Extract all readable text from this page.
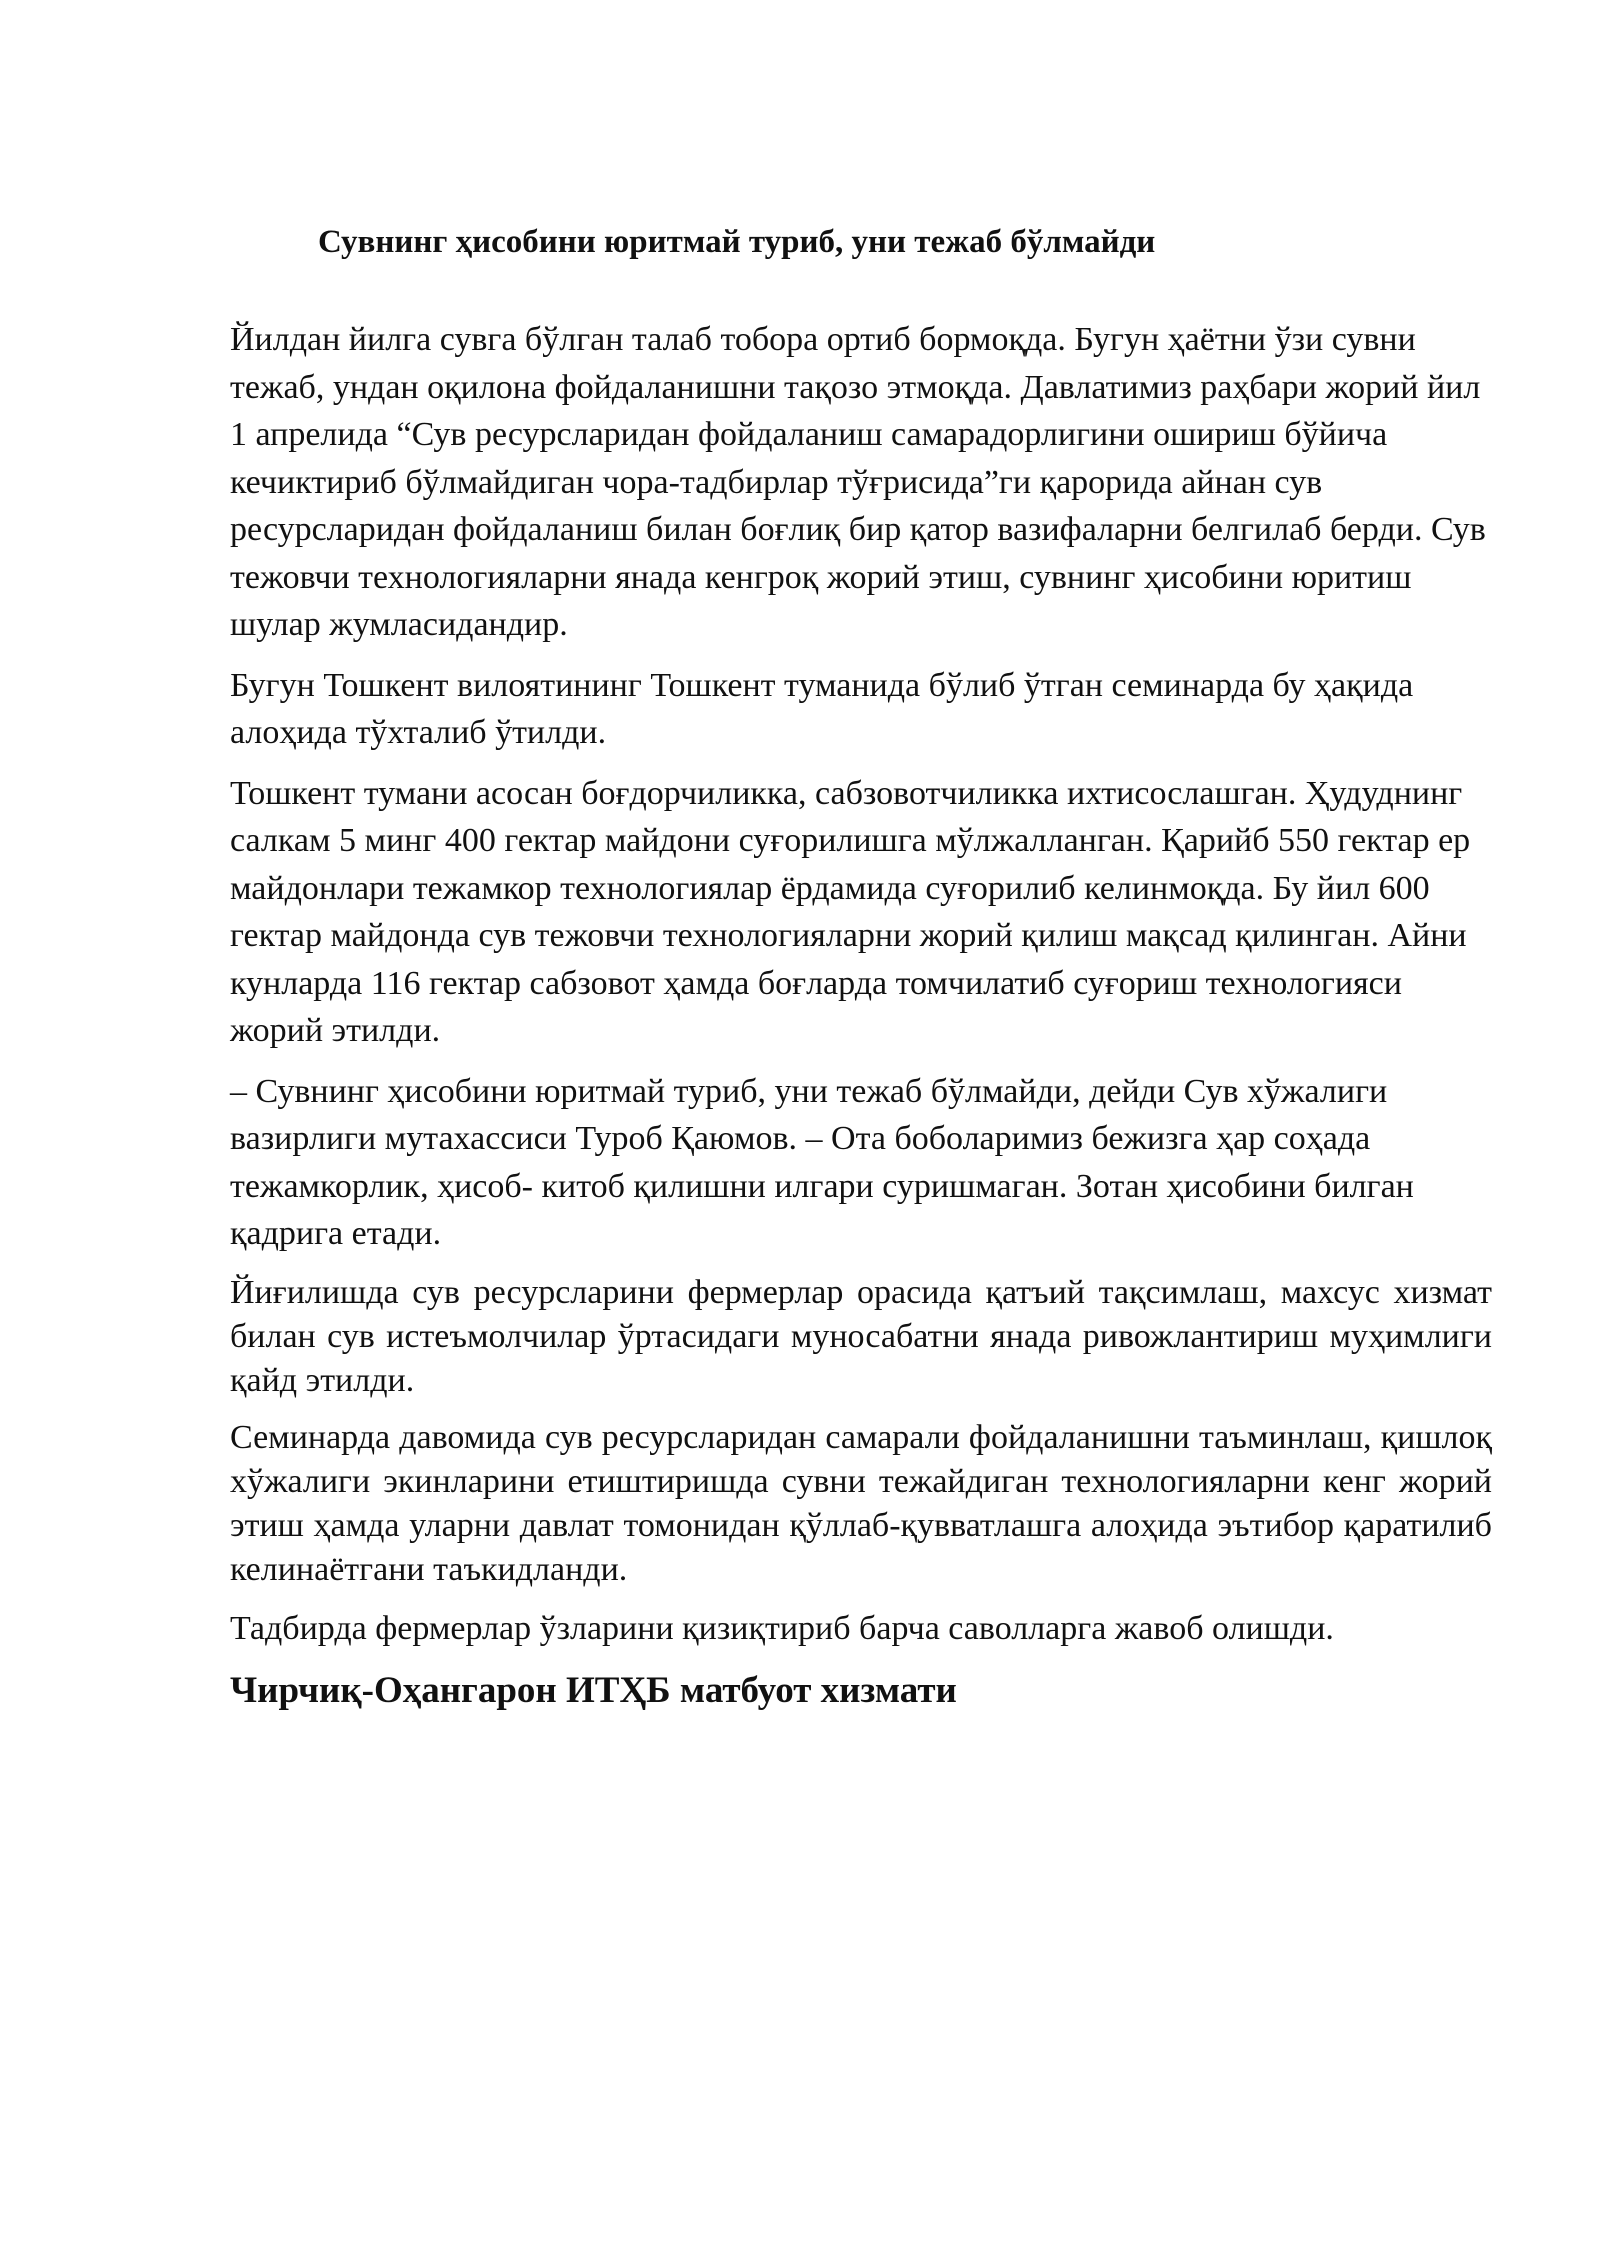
Сувнинг ҳисобини юритмай туриб, уни тежаб бўлмайди

Йилдан йилга сувга бўлган талаб тобора ортиб бормоқда. Бугун ҳаётни ўзи сувни тежаб, ундан оқилона фойдаланишни тақозо этмоқда. Давлатимиз раҳбари жорий йил 1 апрелида “Сув ресурсларидан фойдаланиш самарадорлигини ошириш бўйича кечиктириб бўлмайдиган чора-тадбирлар тўғрисида”ги қарорида айнан сув ресурсларидан фойдаланиш билан боғлиқ бир қатор вазифаларни белгилаб берди. Сув тежовчи технологияларни янада кенгроқ жорий этиш, сувнинг ҳисобини юритиш шулар жумласидандир.

Бугун Тошкент вилоятининг Тошкент туманида бўлиб ўтган семинарда бу ҳақида алоҳида тўхталиб ўтилди.

Тошкент тумани асосан боғдорчиликка, сабзовотчиликка ихтисослашган. Ҳудуднинг салкам 5 минг 400 гектар майдони суғорилишга мўлжалланган. Қарийб 550 гектар ер майдонлари тежамкор технологиялар ёрдамида суғорилиб келинмоқда. Бу йил 600 гектар майдонда сув тежовчи технологияларни жорий қилиш мақсад қилинган. Айни кунларда 116 гектар сабзовот ҳамда боғларда томчилатиб суғориш технологияси жорий этилди.

– Сувнинг ҳисобини юритмай туриб, уни тежаб бўлмайди, дейди Сув хўжалиги вазирлиги мутахассиси Туроб Қаюмов. – Ота боболаримиз бежизга ҳар соҳада тежамкорлик, ҳисоб- китоб қилишни илгари суришмаган. Зотан ҳисобини билган қадрига етади.

Йиғилишда сув ресурсларини фермерлар орасида қатъий тақсимлаш, махсус хизмат билан сув истеъмолчилар ўртасидаги муносабатни янада ривожлантириш муҳимлиги қайд этилди.

Семинарда давомида сув ресурсларидан самарали фойдаланишни таъминлаш, қишлоқ хўжалиги экинларини етиштиришда сувни тежайдиган технологияларни кенг жорий этиш ҳамда уларни давлат томонидан қўллаб-қувватлашга алоҳида эътибор қаратилиб келинаётгани таъкидланди.

Тадбирда фермерлар ўзларини қизиқтириб барча саволларга жавоб олишди.

Чирчиқ-Оҳангарон ИТҲБ матбуот хизмати
